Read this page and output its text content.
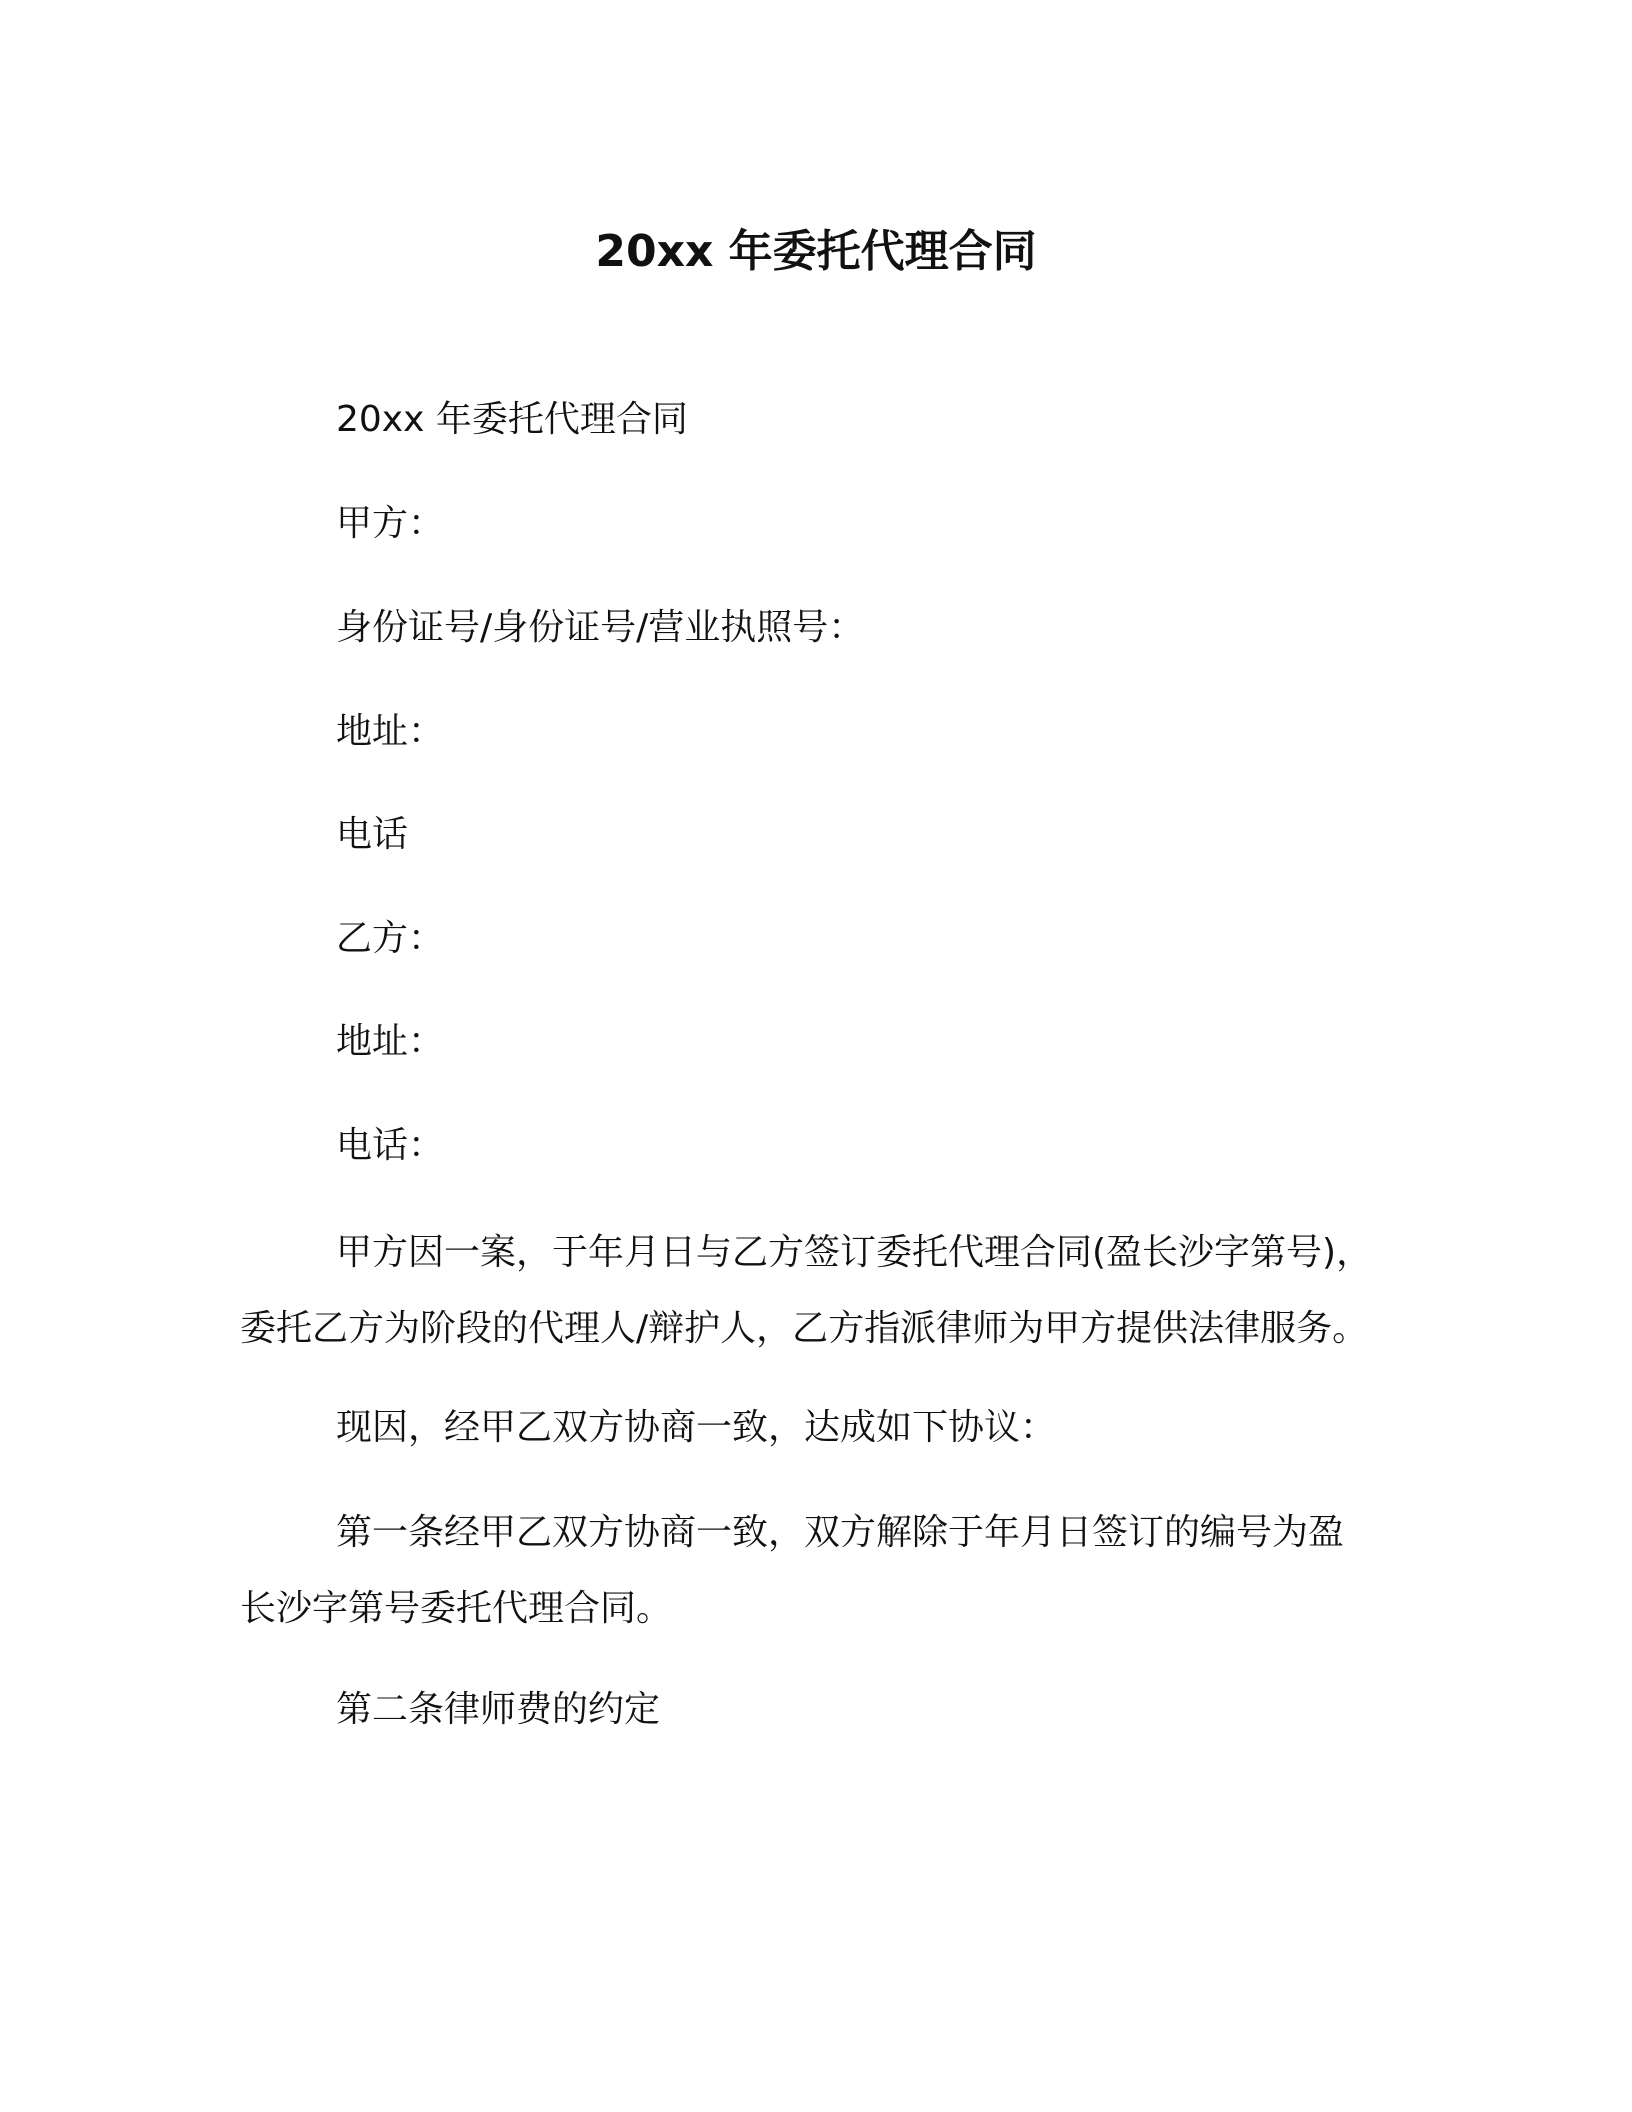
20xx 年委托代理合同
20xx 年委托代理合同
甲方：
身份证号/身份证号/营业执照号：
地址：
电话
乙方：
地址：
电话：
甲方因一案，于年月日与乙方签订委托代理合同(盈长沙字第号)，
委托乙方为阶段的代理人/辩护人，乙方指派律师为甲方提供法律服务。
现因，经甲乙双方协商一致，达成如下协议：
第一条经甲乙双方协商一致，双方解除于年月日签订的编号为盈
长沙字第号委托代理合同。
第二条律师费的约定
